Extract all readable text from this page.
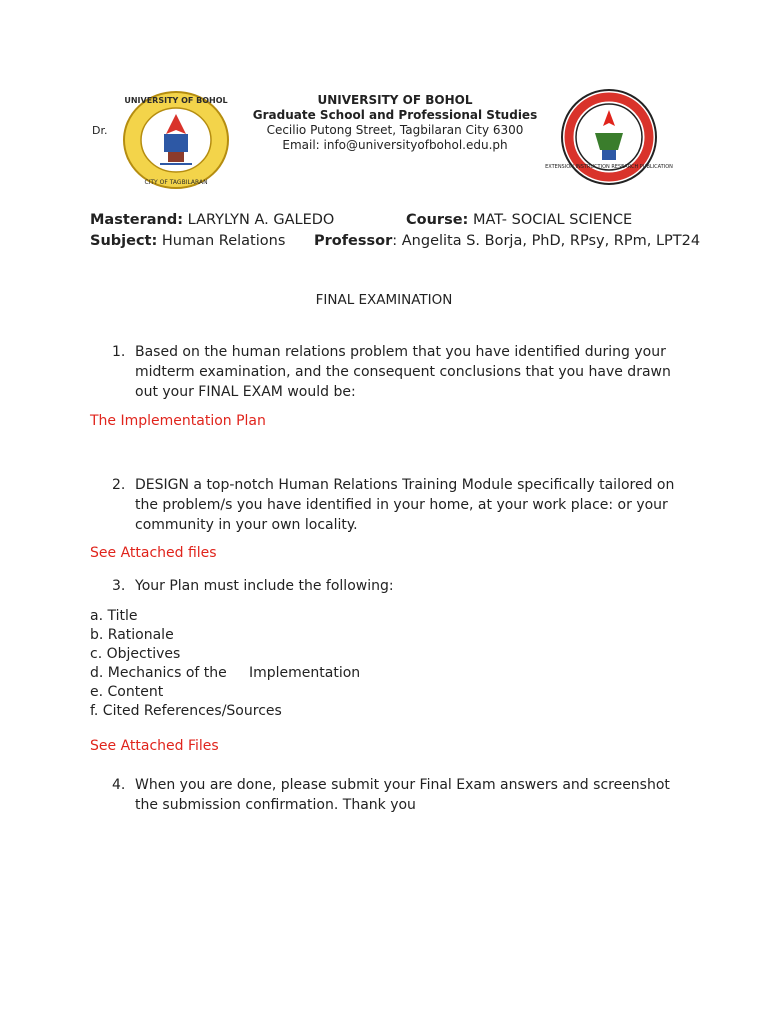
Dr.
UNIVERSITY OF BOHOL
CITY OF TAGBILARAN
UNIVERSITY OF BOHOL
Graduate School and Professional Studies
Cecilio Putong Street, Tagbilaran City 6300
Email: info@universityofbohol.edu.ph
EXTENSION INSTRUCTION RESEARCH PUBLICATION
Masterand: LARYLYN A. GALEDO	Course: MAT- SOCIAL SCIENCE
Subject: Human Relations Professor: Angelita S. Borja, PhD, RPsy, RPm, LPT24
FINAL EXAMINATION
1. Based on the human relations problem that you have identified during your midterm examination, and the consequent conclusions that you have drawn out your FINAL EXAM would be:
The Implementation Plan
2. DESIGN a top-notch Human Relations Training Module specifically tailored on the problem/s you have identified in your home, at your work place: or your community in your own locality.
See Attached files
3. Your Plan must include the following:
a. Title
b. Rationale
c. Objectives
d. Mechanics of the     Implementation
e. Content
f. Cited References/Sources
See Attached Files
4. When you are done, please submit your Final Exam answers and screenshot the submission confirmation. Thank you
